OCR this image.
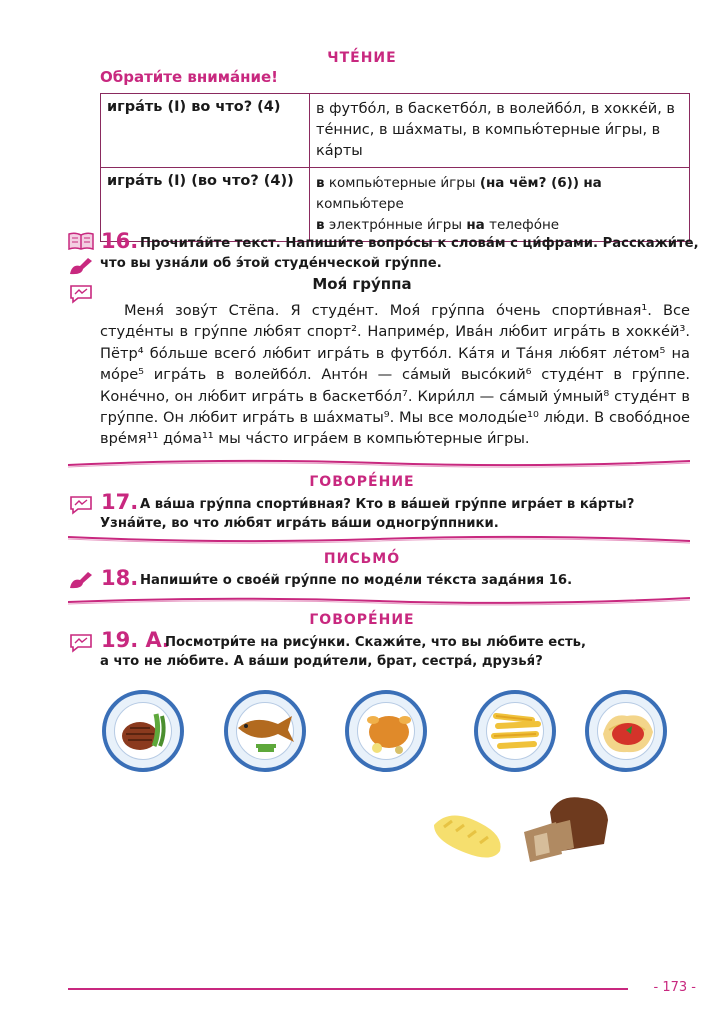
ЧТЕ́НИЕ
Обрати́те внима́ние!
игра́ть (I) во что? (4)	в футбо́л, в баскетбо́л, в волейбо́л, в хокке́й, в те́ннис, в ша́хматы, в компью́терные и́гры, в ка́рты
игра́ть (I) (во что? (4))	в компью́терные и́гры (на чём? (6)) на компью́тере
в электро́нные и́гры на телефо́не
16. Прочита́йте текст. Напиши́те вопро́сы к слова́м с ци́фрами. Расскажи́те,
что вы узна́ли об э́той студе́нческой гру́ппе.
Моя́ гру́ппа

Меня́ зову́т Стёпа. Я студе́нт. Моя́ гру́ппа о́чень спорти́вная¹. Все студе́нты в гру́ппе лю́бят спорт². Наприме́р, Ива́н лю́бит игра́ть в хокке́й³. Пётр⁴ бо́льше всего́ лю́бит игра́ть в футбо́л. Ка́тя и Та́ня лю́бят ле́том⁵ на мо́ре⁵ игра́ть в волейбо́л. Анто́н — са́мый высо́кий⁶ студе́нт в гру́ппе. Коне́чно, он лю́бит игра́ть в баскетбо́л⁷. Кири́лл — са́мый у́мный⁸ студе́нт в гру́ппе. Он лю́бит игра́ть в ша́хматы⁹. Мы все молоды́е¹⁰ лю́ди. В свобо́дное вре́мя¹¹ до́ма¹¹ мы ча́сто игра́ем в компью́терные и́гры.

ГОВОРЕ́НИЕ
17. А ва́ша гру́ппа спорти́вная? Кто в ва́шей гру́ппе игра́ет в ка́рты?
Узна́йте, во что лю́бят игра́ть ва́ши одногру́ппники.
ПИСЬМО́
18. Напиши́те о свое́й гру́ппе по моде́ли те́кста зада́ния 16.
ГОВОРЕ́НИЕ
19. А.
Посмотри́те на рису́нки. Скажи́те, что вы лю́бите есть,
а что не лю́бите. А ва́ши роди́тели, брат, сестра́, друзья́?
- 173 -
